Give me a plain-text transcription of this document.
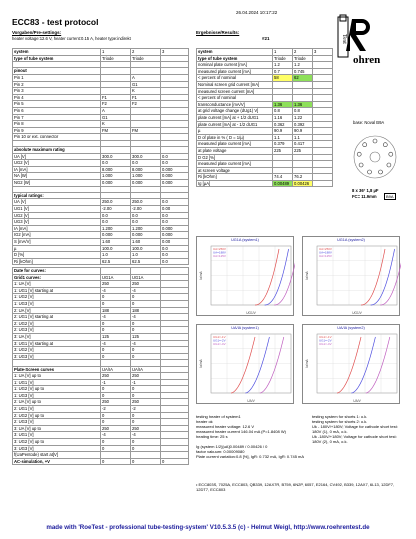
26.04.2024 10:17:22
ECC83 - test protocol
Vorgaben/Pre-settings:
heater voltage:12.6 V, heater current:0.15 A, heater type:indirekt
Ergebnisse/Results:
#21	Test
ohren
system	1	2	3
type of tube system	Triode	Triode	

pinout			
Pin 1		A	
Pin 2		G1	
Pin 3		K	
Pin 4	F1	F1	
Pin 5	F2	F2	
Pin 6	A		
Pin 7	G1		
Pin 8	K		
Pin 9	FM	FM	
Pin 10 or ext. connector			

absolute maximum rating			
UA [V]	300.0	300.0	0.0
UG2 [V]	0.0	0.0	0.0
IA [mA]	8.000	8.000	0.000
NA [W]	1.000	1.000	0.000
NG2 [W]	0.000	0.000	0.000

typical ratings:			
UA [V]	250.0	250.0	0.0
UG1 [V]	-2.00	-2.00	0.00
UG2 [V]	0.0	0.0	0.0
UG3 [V]	0.0	0.0	0.0
IA [mA]	1.200	1.200	0.000
IG2 [mA]	0.000	0.000	0.000
S [mA/V]	1.60	1.60	0.00
µ	100.0	100.0	0.0
D [%]	1.0	1.0	0.0
Ri [kOhm]	62.5	62.5	0.0
Date for curves:			
Grid1 curves:	UG1A	UG1A	
1: UA [V]	250	250	
1: UG1 [V] starting at	-4	-4	
1: UG2 [V]	0	0	
1: UG3 [V]	0	0	
2: UA [V]	188	188	
2: UG1 [V] starting at	-4	-4	
2: UG2 [V]	0	0	
2: UG3 [V]	0	0	
3: UA [V]	125	125	
3: UG1 [V] starting at	-4	-4	
3: UG2 [V]	0	0	
3: UG3 [V]	0	0	

Plate-Screen curves	UA/IA	UA/IA	
1: UA [V] up to	250	250	
1: UG1 [V]	-1	-1	
1: UG2 [V] up to	0	0	
1: UG3 [V]	0	0	
2: UA [V] up to	250	250	
2: UG1 [V]	-2	-2	
2: UG2 [V] up to	0	0	
2: UG3 [V]	0	0	
3: UA [V] up to	250	250	
3: UG1 [V]	-4	-4	
3: UG2 [V] up to	0	0	
3: UG3 [V]	0	0	
f(UaPentode) start at[V]			
AC-simulation, +V	0	0	0
system	1	2	3
type of tube system	Triode	Triode	
nominal plate current [mA]	1.2	1.2	
measured plate current [mA]	0.7	0.745	
< percent of nominal	58	62	
Nominal screen grid current [mA]			
measured screen current [mA]			
< percent of nominal			
transconductance [mA/V]	1.36	1.36	
at grid voltage change (dUg1) V]	0.8	0.8	
plate current [mA] at + 1/2 dUG1	1.16	1.22	
plate current [mA] at - 1/2 dUG1	0.362	0.392	
µ	90.9	90.9	
D of plate in % ( D = 1/µ)	1.1	1.1	
measured plate current [mA]	0.379	0.417	
at plate voltage	225	225	
D G2 [%]			
measured plate current [mA]			
at screen voltage			
Ri [kOhm]	74.4	76.2	
Ig [µA]	0.00489	0.00426	
base: Noval B9A
8 x 36° 1,8 µF
FC= 11.9mm	B9A
UG1A (system1)
UA=250V
UA=188V
UA=125V
UG1/V
Ia/mA
UG1A (system2)
UA=250V
UA=188V
UA=125V
UG1/V
Ia/mA
UA/IA (system1)
UG1=-1V
UG1=-2V
UG1=-4V
UA/V
Ia/mA
UA/IA (system2)
UG1=-1V
UG1=-2V
UG1=-4V
UA/V
Ia/mA
testing heater of system1
heater ok
measured heater voltage: 12.6 V
measured heater current 146.04 mA (P=1.8408 W)
heating time: 25 s

Ig (system 1/2)[uA]0.00489 / 0.00426 / 0
factor vakuum: 0.00009080
Plate current variation:0.8 [%], IgR: 0.732 mA, IgR: 0.745 mA
testing system for shorts 1: o.k.
testing system for shorts 2: o.k.
Uk - 180V/+180V; Voltage for cathode short test:
180V (1), 0 mA, o.k.
Uk -180V/+180V; Voltage for cathode short test:
180V (2), 0 mA, o.k.
• ECC803S, 7025A, ECC803, QB339, 12AX7R, B759, 6N2P, 6057, E2164, CV492, B339, 12AX7, 6L13, 12DF7, 12DT7, ECC803
made with 'RoeTest - professional tube-testing-system' V10.5.3.5 (c) - Helmut Weigl, http://www.roehrentest.de
